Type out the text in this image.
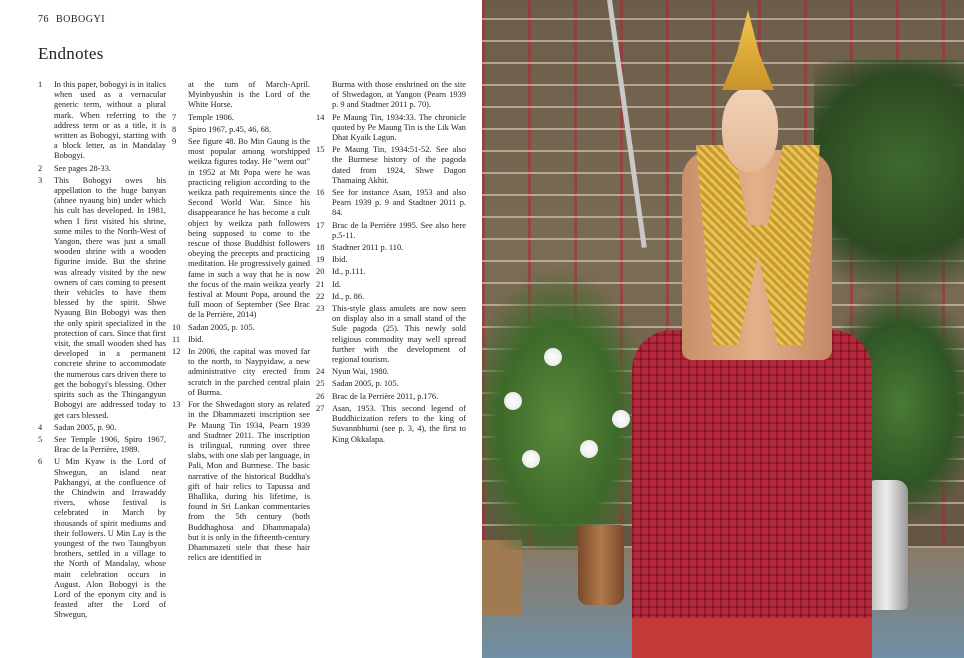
76 BOBOGYI
Endnotes
1	In this paper, bobogyi is in italics when used as a vernacular generic term, without a plural mark. When referring to the address term or as a title, it is written as Bobogyi, starting with a block letter, as in Mandalay Bobogyi.
2	See pages 28-33.
3	This Bobogyi owes his appellation to the huge banyan (ahnee nyaung bin) under which his cult has developed. In 1981, when I first visited his shrine, some miles to the North-West of Yangon, there was just a small wooden shrine with a wooden figurine inside. But the shrine was already visited by the new owners of cars coming to present their vehicles to have them blessed by the spirit. Shwe Nyaung Bin Bobogyi was then the only spirit specialized in the protection of cars. Since that first visit, the small wooden shed has developed in a permanent concrete shrine to accommodate the numerous cars driven there to get the bobogyi's blessing. Other spirits such as the Thingangyun Bobogyi are addressed today to get cars blessed.
4	Sadan 2005, p. 90.
5	See Temple 1906, Spiro 1967, Brac de la Perrière, 1989.
6	U Min Kyaw is the Lord of Shwegun, an island near Pakhangyi, at the confluence of the Chindwin and Irrawaddy rivers, whose festival is celebrated in March by thousands of spirit mediums and their followers. U Min Lay is the youngest of the two Taungbyon brothers, settled in a village to the North of Mandalay, whose main celebration occurs in August. Alon Bobogyi is the Lord of the eponym city and is feasted after the Lord of Shwegun,
at the turn of March-April. Myinbyushin is the Lord of the White Horse.
7	Temple 1906.
8	Spiro 1967, p.45, 46, 68.
9	See figure 48. Bo Min Gaung is the most popular among worshipped weikza figures today. He "went out" in 1952 at Mt Popa were he was practicing religion according to the weikza path requirements since the Second World War. Since his disappearance he has become a cult object by weikza path followers being supposed to come to the rescue of those Buddhist followers obeying the precepts and practicing meditation. He progressively gained fame in such a way that he is now the focus of the main weikza yearly festival at Mount Popa, around the full moon of September (See Brac de la Perrière, 2014)
10 Sadan 2005, p. 105.
11 Ibid.
12 In 2006, the capital was moved far to the north, to Naypyidaw, a new administrative city erected from scratch in the parched central plain of Burma.
13 For the Shwedagon story as related in the Dhammazeti inscription see Pe Maung Tin 1934, Pearn 1939 and Stadtner 2011. The inscription is trilingual, running over three slabs, with one slab per language, in Pali, Mon and Burmese. The basic narrative of the historical Buddha's gift of hair relics to Tapussa and Bhallika, during his lifetime, is found in Sri Lankan commentaries from the 5th century (both Buddhaghosa and Dhammapala) but it is only in the fifteenth-century Dhammazeti stele that these hair relics are identified in
Burma with those enshrined on the site of Shwedagon, at Yangon (Pearn 1939 p. 9 and Stadtner 2011 p. 70).
14 Pe Maung Tin, 1934:33. The chronicle quoted by Pe Maung Tin is the Lik Wan Dhat Kyaik Lagun.
15 Pe Maung Tin, 1934:51-52. See also the Burmese history of the pagoda dated from 1924, Shwe Dagon Thamaing Akhit.
16 See for instance Asan, 1953 and also Pearn 1939 p. 9 and Stadtner 2011 p. 84.
17 Brac de la Perrière 1995. See also here p.5-11.
18 Stadtner 2011 p. 110.
19 Ibid.
20 Id., p.111.
21 Id.
22 Id., p. 86.
23 This-style glass amulets are now seen on display also in a small stand of the Sule pagoda (25). This newly sold religious commodity may well spread further with the development of regional tourism.
24 Nyun Wai, 1980.
25 Sadan 2005, p. 105.
26 Brac de la Perrière 2011, p.176.
27 Asan, 1953. This second legend of Buddhicization refers to the king of Suvannbhumi (see p. 3, 4), the first to King Okkalapa.
